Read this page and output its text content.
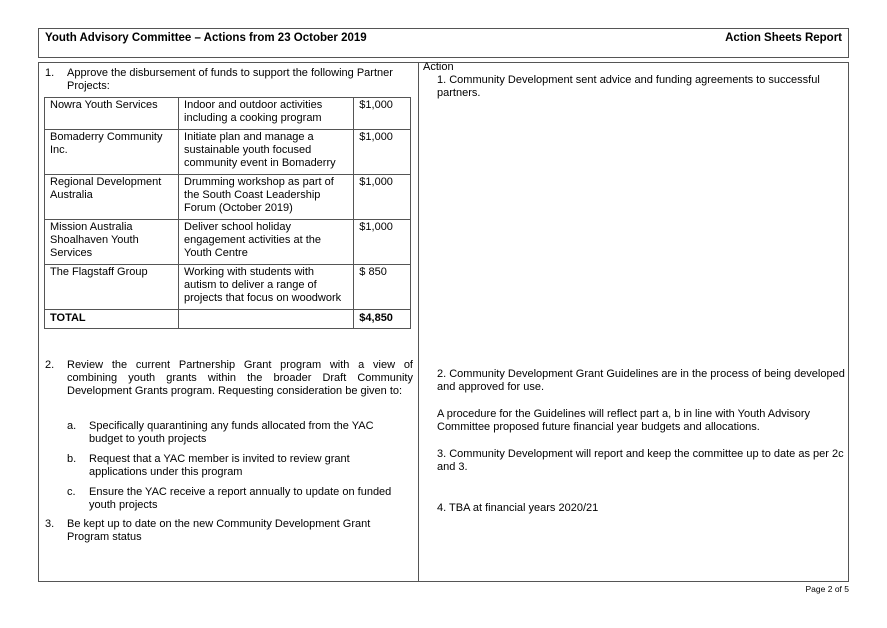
Youth Advisory Committee – Actions from 23 October 2019	Action Sheets Report
1. Approve the disbursement of funds to support the following Partner Projects:
Nowra Youth Services	Indoor and outdoor activities including a cooking program	$1,000
Bomaderry Community Inc.	Initiate plan and manage a sustainable youth focused community event in Bomaderry	$1,000
Regional Development Australia	Drumming workshop as part of the South Coast Leadership Forum (October 2019)	$1,000
Mission Australia Shoalhaven Youth Services	Deliver school holiday engagement activities at the Youth Centre	$1,000
The Flagstaff Group	Working with students with autism to deliver a range of projects that focus on woodwork	$ 850
TOTAL		$4,850
2. Review the current Partnership Grant program with a view of combining youth grants within the broader Draft Community Development Grants program. Requesting consideration be given to:
a. Specifically quarantining any funds allocated from the YAC budget to youth projects
b. Request that a YAC member is invited to review grant applications under this program
c. Ensure the YAC receive a report annually to update on funded youth projects
3. Be kept up to date on the new Community Development Grant Program status
Action
1. Community Development sent advice and funding agreements to successful partners.
2. Community Development Grant Guidelines are in the process of being developed and approved for use.
A procedure for the Guidelines will reflect part a, b in line with Youth Advisory Committee proposed future financial year budgets and allocations.
3. Community Development will report and keep the committee up to date as per 2c and 3.
4. TBA at financial years 2020/21
Page 2 of 5
